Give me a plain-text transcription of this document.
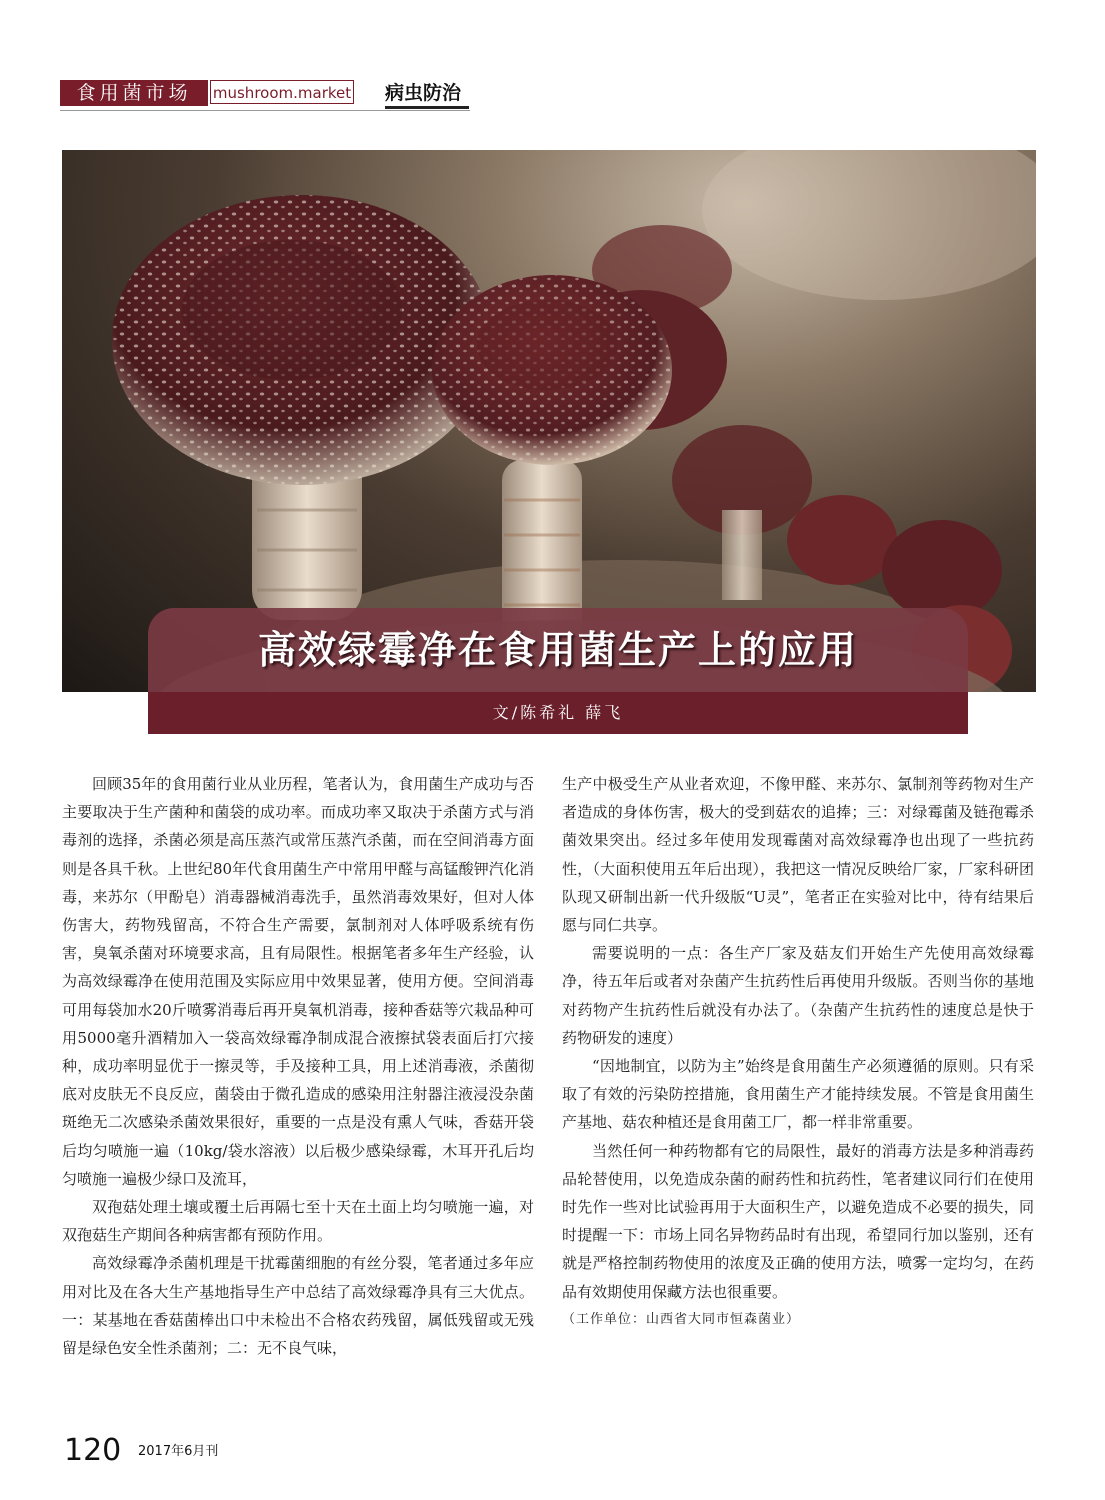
食用菌市场	mushroom.market 病虫防治
高效绿霉净在食用菌生产上的应用
文/陈希礼 薛飞

回顾35年的食用菌行业从业历程，笔者认为，食用菌生产成功与否主要取决于生产菌种和菌袋的成功率。而成功率又取决于杀菌方式与消毒剂的选择，杀菌必须是高压蒸汽或常压蒸汽杀菌，而在空间消毒方面则是各具千秋。上世纪80年代食用菌生产中常用甲醛与高锰酸钾汽化消毒，来苏尔（甲酚皂）消毒器械消毒洗手，虽然消毒效果好，但对人体伤害大，药物残留高，不符合生产需要，氯制剂对人体呼吸系统有伤害，臭氧杀菌对环境要求高，且有局限性。根据笔者多年生产经验，认为高效绿霉净在使用范围及实际应用中效果显著，使用方便。空间消毒可用每袋加水20斤喷雾消毒后再开臭氧机消毒，接种香菇等穴栽品种可用5000毫升酒精加入一袋高效绿霉净制成混合液擦拭袋表面后打穴接种，成功率明显优于一擦灵等，手及接种工具，用上述消毒液，杀菌彻底对皮肤无不良反应，菌袋由于微孔造成的感染用注射器注液浸没杂菌斑绝无二次感染杀菌效果很好，重要的一点是没有熏人气味，香菇开袋后均匀喷施一遍（10kg/袋水溶液）以后极少感染绿霉，木耳开孔后均匀喷施一遍极少绿口及流耳，

双孢菇处理土壤或覆土后再隔七至十天在土面上均匀喷施一遍，对双孢菇生产期间各种病害都有预防作用。

高效绿霉净杀菌机理是干扰霉菌细胞的有丝分裂，笔者通过多年应用对比及在各大生产基地指导生产中总结了高效绿霉净具有三大优点。一：某基地在香菇菌棒出口中未检出不合格农药残留，属低残留或无残留是绿色安全性杀菌剂；二：无不良气味，

生产中极受生产从业者欢迎，不像甲醛、来苏尔、氯制剂等药物对生产者造成的身体伤害，极大的受到菇农的追捧；三：对绿霉菌及链孢霉杀菌效果突出。经过多年使用发现霉菌对高效绿霉净也出现了一些抗药性，（大面积使用五年后出现），我把这一情况反映给厂家，厂家科研团队现又研制出新一代升级版“U灵”，笔者正在实验对比中，待有结果后愿与同仁共享。

需要说明的一点：各生产厂家及菇友们开始生产先使用高效绿霉净，待五年后或者对杂菌产生抗药性后再使用升级版。否则当你的基地对药物产生抗药性后就没有办法了。（杂菌产生抗药性的速度总是快于药物研发的速度）

“因地制宜，以防为主”始终是食用菌生产必须遵循的原则。只有采取了有效的污染防控措施，食用菌生产才能持续发展。不管是食用菌生产基地、菇农种植还是食用菌工厂，都一样非常重要。

当然任何一种药物都有它的局限性，最好的消毒方法是多种消毒药品轮替使用，以免造成杂菌的耐药性和抗药性，笔者建议同行们在使用时先作一些对比试验再用于大面积生产，以避免造成不必要的损失，同时提醒一下：市场上同名异物药品时有出现，希望同行加以鉴别，还有就是严格控制药物使用的浓度及正确的使用方法，喷雾一定均匀，在药品有效期使用保藏方法也很重要。

（工作单位：山西省大同市恒森菌业）

120 2017年6月刊
